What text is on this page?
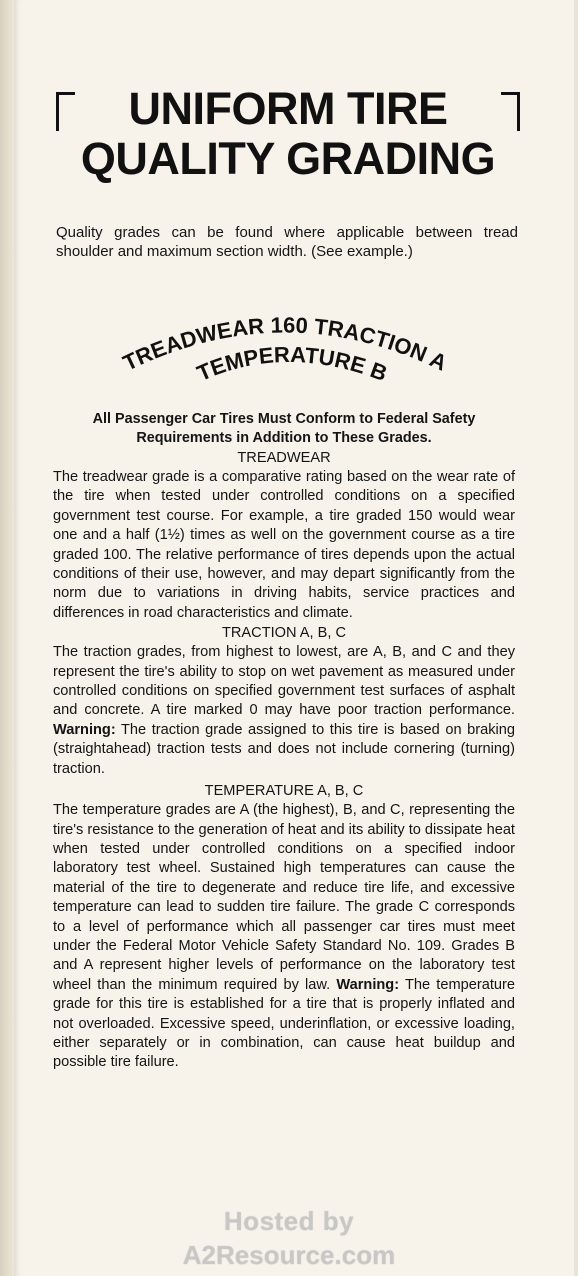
UNIFORM TIRE
QUALITY GRADING

Quality grades can be found where applicable between tread shoulder and maximum section width. (See example.)

TREADWEAR 160 TRACTION A
TEMPERATURE B

All Passenger Car Tires Must Conform to Federal Safety Requirements in Addition to These Grades.

TREADWEAR

The treadwear grade is a comparative rating based on the wear rate of the tire when tested under controlled conditions on a specified government test course. For example, a tire graded 150 would wear one and a half (1½) times as well on the government course as a tire graded 100. The relative performance of tires depends upon the actual conditions of their use, however, and may depart significantly from the norm due to variations in driving habits, service practices and differences in road characteristics and climate.

TRACTION A, B, C

The traction grades, from highest to lowest, are A, B, and C and they represent the tire's ability to stop on wet pavement as measured under controlled conditions on specified government test surfaces of asphalt and concrete. A tire marked 0 may have poor traction performance. Warning: The traction grade assigned to this tire is based on braking (straightahead) traction tests and does not include cornering (turning) traction.

TEMPERATURE A, B, C

The temperature grades are A (the highest), B, and C, representing the tire's resistance to the generation of heat and its ability to dissipate heat when tested under controlled conditions on a specified indoor laboratory test wheel. Sustained high temperatures can cause the material of the tire to degenerate and reduce tire life, and excessive temperature can lead to sudden tire failure. The grade C corresponds to a level of performance which all passenger car tires must meet under the Federal Motor Vehicle Safety Standard No. 109. Grades B and A represent higher levels of performance on the laboratory test wheel than the minimum required by law. Warning: The temperature grade for this tire is established for a tire that is properly inflated and not overloaded. Excessive speed, underinflation, or excessive loading, either separately or in combination, can cause heat buildup and possible tire failure.

Hosted by
A2Resource.com
